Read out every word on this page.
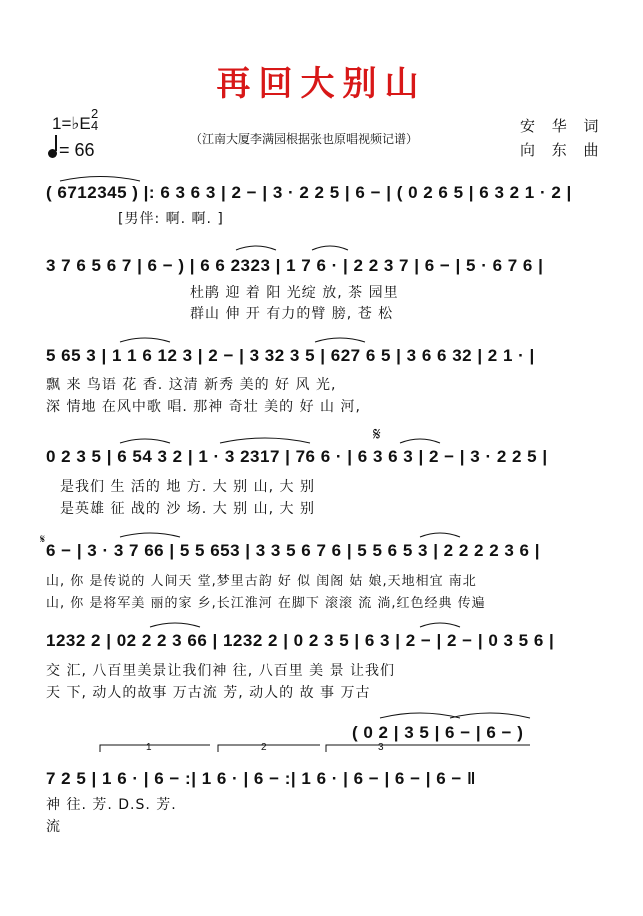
再回大别山
1=♭E
2
4
= 66
（江南大厦李满园根据张也原唱视频记谱）
安 华 词
向 东 曲
( 6712345 ) |: 6 3 6 3 | 2 − | 3 · 2 2 5 | 6 − | ( 0 2 6 5 | 6 3 2 1 · 2 |
[男伴: 啊. 啊. ]
3 7 6 5 6 7 | 6 − ) | 6 6 2323 | 1 7 6 · | 2 2 3 7 | 6 − | 5 · 6 7 6 |
杜鹃 迎 着 阳 光绽 放, 茶 园里
群山 伸 开 有力的臂 膀, 苍 松
5 65 3 | 1 1 6 12 3 | 2 − | 3 32 3 5 | 627 6 5 | 3 6 6 32 | 2 1 · |
飘 来 鸟语 花 香. 这清 新秀 美的 好 风 光,
深 情地 在风中歌 唱. 那神 奇壮 美的 好 山 河,
0 2 3 5 | 6 54 3 2 | 1 · 3 2317 | 76 6 · | 6 3 6 3 | 2 − | 3 · 2 2 5 |
是我们 生 活的 地 方. 大 别 山, 大 别
是英雄 征 战的 沙 场. 大 别 山, 大 别
6 − | 3 · 3 7 66 | 5 5 653 | 3 3 5 6 7 6 | 5 5 6 5 3 | 2 2 2 2 3 6 |
山, 你 是传说的 人间天 堂,梦里古韵 好 似 闺阁 姑 娘,天地相宜 南北
山, 你 是将军美 丽的家 乡,长江淮河 在脚下 滚滚 流 淌,红色经典 传遍
1232 2 | 02 2 2 3 66 | 1232 2 | 0 2 3 5 | 6 3 | 2 − | 2 − | 0 3 5 6 |
交 汇, 八百里美景让我们神 往, 八百里 美 景 让我们
天 下, 动人的故事 万古流 芳, 动人的 故 事 万古
( 0 2 | 3 5 | 6 − | 6 − )
7 2 5 | 1 6 · | 6 − :| 1 6 · | 6 − :| 1 6 · | 6 − | 6 − | 6 − ‖
神 往. 芳. D.S. 芳.
流
1	2	3
𝄋
𝄋
